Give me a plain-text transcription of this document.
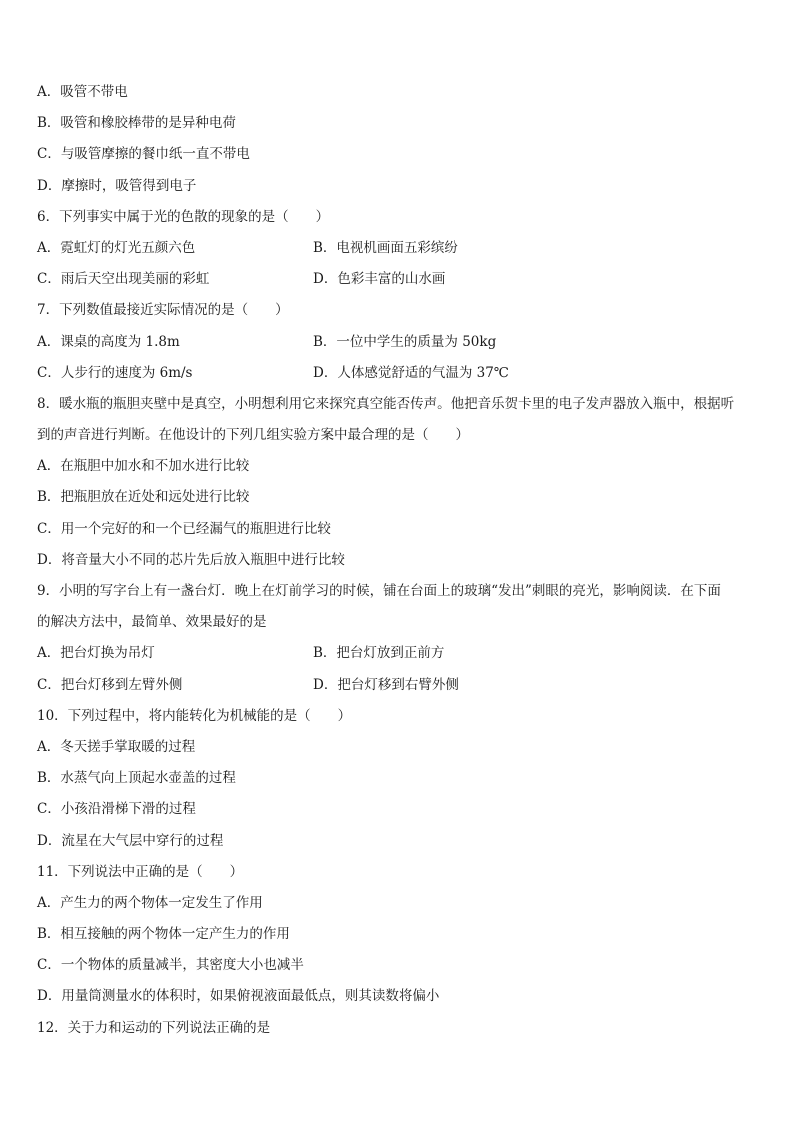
A．吸管不带电
B．吸管和橡胶棒带的是异种电荷
C．与吸管摩擦的餐巾纸一直不带电
D．摩擦时，吸管得到电子
6．下列事实中属于光的色散的现象的是（　　）
A．霓虹灯的灯光五颜六色	B．电视机画面五彩缤纷
C．雨后天空出现美丽的彩虹	D．色彩丰富的山水画
7．下列数值最接近实际情况的是（　　）
A．课桌的高度为 1.8m	B．一位中学生的质量为 50kg
C．人步行的速度为 6m/s	D．人体感觉舒适的气温为 37℃
8．暖水瓶的瓶胆夹壁中是真空，小明想利用它来探究真空能否传声。他把音乐贺卡里的电子发声器放入瓶中，根据听
到的声音进行判断。在他设计的下列几组实验方案中最合理的是（　　）
A．在瓶胆中加水和不加水进行比较
B．把瓶胆放在近处和远处进行比较
C．用一个完好的和一个已经漏气的瓶胆进行比较
D．将音量大小不同的芯片先后放入瓶胆中进行比较
9．小明的写字台上有一盏台灯．晚上在灯前学习的时候，铺在台面上的玻璃“发出”刺眼的亮光，影响阅读．在下面
的解决方法中，最简单、效果最好的是
A．把台灯换为吊灯	B．把台灯放到正前方
C．把台灯移到左臂外侧	D．把台灯移到右臂外侧
10．下列过程中，将内能转化为机械能的是（　　）
A．冬天搓手掌取暖的过程
B．水蒸气向上顶起水壶盖的过程
C．小孩沿滑梯下滑的过程
D．流星在大气层中穿行的过程
11．下列说法中正确的是（　　）
A．产生力的两个物体一定发生了作用
B．相互接触的两个物体一定产生力的作用
C．一个物体的质量减半，其密度大小也减半
D．用量筒测量水的体积时，如果俯视液面最低点，则其读数将偏小
12．关于力和运动的下列说法正确的是
